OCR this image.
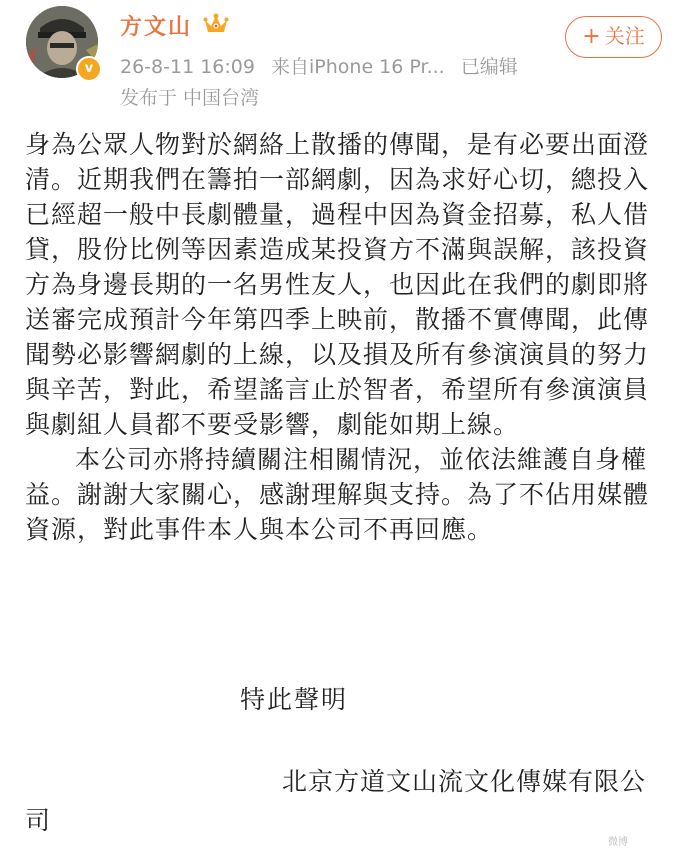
v
方文山
26-8-11 16:09 来自iPhone 16 Pr... 已编辑
发布于 中国台湾
+ 关注

身為公眾人物對於網絡上散播的傳聞，是有必要出面澄清。近期我們在籌拍一部網劇，因為求好心切，總投入已經超一般中長劇體量，過程中因為資金招募，私人借貸，股份比例等因素造成某投資方不滿與誤解，該投資方為身邊長期的一名男性友人，也因此在我們的劇即將送審完成預計今年第四季上映前，散播不實傳聞，此傳聞勢必影響網劇的上線，以及損及所有參演演員的努力與辛苦，對此，希望謠言止於智者，希望所有參演演員與劇組人員都不要受影響，劇能如期上線。

本公司亦將持續關注相關情況，並依法維護自身權益。謝謝大家關心，感謝理解與支持。為了不佔用媒體資源，對此事件本人與本公司不再回應。

特此聲明
北京方道文山流文化傳媒有限公
司
微博
